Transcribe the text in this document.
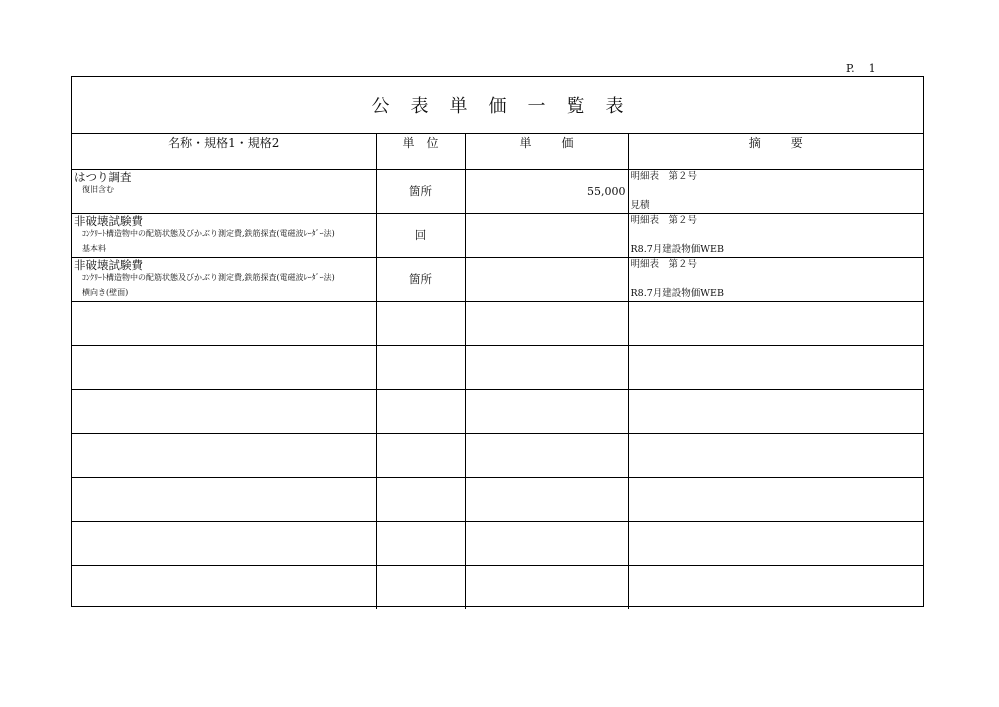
P.    1
公表単価一覧表
名称・規格1・規格2	単位	単価	摘要

はつり調査
復旧含む	箇所	55,000	明細表　第２号
見積

非破壊試験費
ｺﾝｸﾘｰﾄ構造物中の配筋状態及びかぶり測定費,鉄筋探査(電磁波ﾚｰﾀﾞｰ法)
基本料	回		明細表　第２号
R8.7月建設物価WEB

非破壊試験費
ｺﾝｸﾘｰﾄ構造物中の配筋状態及びかぶり測定費,鉄筋探査(電磁波ﾚｰﾀﾞｰ法)
横向き(壁面)	箇所		明細表　第２号
R8.7月建設物価WEB
